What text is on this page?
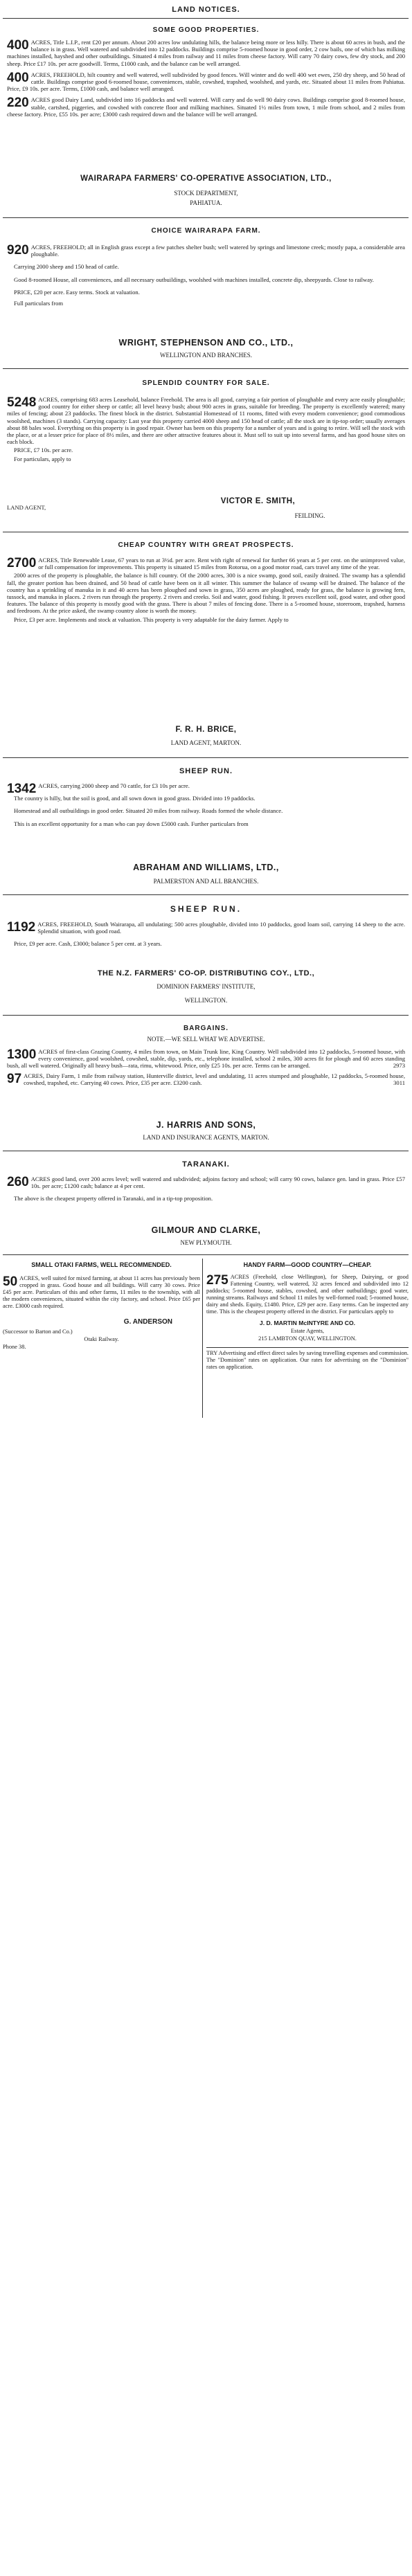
LAND NOTICES.
SOME GOOD PROPERTIES.

400 ACRES, Title L.I.P., rent £20 per annum. About 200 acres low undulating hills, the balance being more or less hilly. There is about 60 acres in bush, and the balance is in grass. Well watered and subdivided into 12 paddocks. Buildings comprise 5-roomed house in good order, 2 cow bails, one of which has milking machines installed, hayshed and other outbuildings. Situated 4 miles from railway and 11 miles from cheese factory. Will carry 70 dairy cows, few dry stock, and 200 sheep. Price £17 10s. per acre goodwill. Terms, £1000 cash, and the balance can be well arranged.

400 ACRES, FREEHOLD, hilt country and well watered, well subdivided by good fences. Will winter and do well 400 wet ewes, 250 dry sheep, and 50 head of cattle. Buildings comprise good 6-roomed house, conveniences, stable, cowshed, trapshed, woolshed, and yards, etc. Situated about 11 miles from Pahiatua. Price, £9 10s. per acre. Terms, £1000 cash, and balance well arranged.

220 ACRES good Dairy Land, subdivided into 16 paddocks and well watered. Will carry and do well 90 dairy cows. Buildings comprise good 8-roomed house, stable, cartshed, piggeries, and cowshed with concrete floor and milking machines. Situated 1½ miles from town, 1 mile from school, and 2 miles from cheese factory. Price, £55 10s. per acre; £3000 cash required down and the balance will be well arranged.

WAIRARAPA FARMERS' CO-OPERATIVE ASSOCIATION, LTD.,
STOCK DEPARTMENT,
PAHIATUA.
CHOICE WAIRARAPA FARM.

920 ACRES, FREEHOLD; all in English grass except a few patches shelter bush; well watered by springs and limestone creek; mostly papa, a considerable area ploughable.

Carrying 2000 sheep and 150 head of cattle.

Good 8-roomed House, all conveniences, and all necessary outbuildings, woolshed with machines installed, concrete dip, sheepyards. Close to railway.

PRICE, £20 per acre. Easy terms. Stock at valuation.

Full particulars from

WRIGHT, STEPHENSON AND CO., LTD.,
WELLINGTON AND BRANCHES.
SPLENDID COUNTRY FOR SALE.

5248 ACRES, comprising 683 acres Leasehold, balance Freehold. The area is all good, carrying a fair portion of ploughable and every acre easily ploughable; good country for either sheep or cattle; all level heavy bush; about 900 acres in grass, suitable for breeding. The property is excellently watered; many miles of fencing; about 23 paddocks. The finest block in the district. Substantial Homestead of 11 rooms, fitted with every modern convenience; good commodious woolshed, machines (3 stands). Carrying capacity: Last year this property carried 4000 sheep and 150 head of cattle; all the stock are in tip-top order; usually averages about 88 bales wool. Everything on this property is in good repair. Owner has been on this property for a number of years and is going to retire. Will sell the stock with the place, or at a lesser price for place of 8½ miles, and there are other attractive features about it. Must sell to suit up into several farms, and has good house sites on each block.

PRICE, £7 10s. per acre.

For particulars, apply to

LAND AGENT,
VICTOR E. SMITH,
FEILDING.
CHEAP COUNTRY WITH GREAT PROSPECTS.

2700 ACRES, Title Renewable Lease, 67 years to run at 3½d. per acre. Rent with right of renewal for further 66 years at 5 per cent. on the unimproved value, or full compensation for improvements. This property is situated 15 miles from Rotorua, on a good motor road, cars travel any time of the year.

2000 acres of the property is ploughable, the balance is hill country. Of the 2000 acres, 300 is a nice swamp, good soil, easily drained. The swamp has a splendid fall, the greater portion has been drained, and 50 head of cattle have been on it all winter. This summer the balance of swamp will be drained. The balance of the country has a sprinkling of manuka in it and 40 acres has been ploughed and sown in grass, 350 acres are ploughed, ready for grass, the balance is growing fern, tussock, and manuka in places. 2 rivers run through the property. 2 rivers and creeks. Soil and water, good fishing. It proves excellent soil, good water, and other good features. The balance of this property is mostly good with the grass. There is about 7 miles of fencing done. There is a 5-roomed house, storeroom, trapshed, harness and feedroom. At the price asked, the swamp country alone is worth the money.

Price, £3 per acre. Implements and stock at valuation. This property is very adaptable for the dairy farmer. Apply to

F. R. H. BRICE,
LAND AGENT, MARTON.
SHEEP RUN.

1342 ACRES, carrying 2000 sheep and 70 cattle, for £3 10s per acre.

The country is hilly, but the soil is good, and all sown down in good grass. Divided into 19 paddocks.

Homestead and all outbuildings in good order. Situated 20 miles from railway. Roads formed the whole distance.

This is an excellent opportunity for a man who can pay down £5000 cash. Further particulars from

ABRAHAM AND WILLIAMS, LTD.,
PALMERSTON AND ALL BRANCHES.
SHEEP RUN.

1192 ACRES, FREEHOLD, South Wairarapa, all undulating; 500 acres ploughable, divided into 10 paddocks, good loam soil, carrying 14 sheep to the acre. Splendid situation, with good road.

Price, £9 per acre. Cash, £3000; balance 5 per cent. at 3 years.

THE N.Z. FARMERS' CO-OP. DISTRIBUTING COY., LTD.,
DOMINION FARMERS' INSTITUTE,
WELLINGTON.
BARGAINS.
NOTE.—WE SELL WHAT WE ADVERTISE.

1300 ACRES of first-class Grazing Country, 4 miles from town, on Main Trunk line, King Country. Well subdivided into 12 paddocks, 5-roomed house, with every convenience, good woolshed, cowshed, stable, dip, yards, etc., telephone installed, school 2 miles, 300 acres fit for plough and 60 acres standing bush, all well watered. Originally all heavy bush—rata, rimu, whitewood. Price, only £25 10s. per acre. Terms can be arranged.	2973

97 ACRES, Dairy Farm, 1 mile from railway station, Hunterville district, level and undulating, 11 acres stumped and ploughable, 12 paddocks, 5-roomed house, cowshed, trapshed, etc. Carrying 40 cows. Price, £35 per acre. £3200 cash.	3011

J. HARRIS AND SONS,
LAND AND INSURANCE AGENTS, MARTON.
TARANAKI.

260 ACRES good land, over 200 acres level; well watered and subdivided; adjoins factory and school; will carry 90 cows, balance gen. land in grass. Price £57 10s. per acre; £1200 cash; balance at 4 per cent.

The above is the cheapest property offered in Taranaki, and in a tip-top proposition.

GILMOUR AND CLARKE,
NEW PLYMOUTH.
SMALL OTAKI FARMS, WELL RECOMMENDED.
50 ACRES, well suited for mixed farming, at about 11 acres has previously been cropped in grass. Good house and all buildings. Will carry 30 cows. Price £45 per acre. Particulars of this and other farms, 11 miles to the township, with all the modern conveniences, situated within the city factory, and school. Price £65 per acre. £3000 cash required.
G. ANDERSON
(Successor to Barton and Co.)
Otaki Railway.
Phone 38.
HANDY FARM—GOOD COUNTRY—CHEAP.
275 ACRES (Freehold, close Wellington), for Sheep, Dairying, or good Fattening Country, well watered, 32 acres fenced and subdivided into 12 paddocks; 5-roomed house, stables, cowshed, and other outbuildings; good water, running streams. Railways and School 11 miles by well-formed road; 5-roomed house, dairy and sheds. Equity, £1480. Price, £29 per acre. Easy terms. Can be inspected any time. This is the cheapest property offered in the district. For particulars apply to
J. D. MARTIN McINTYRE AND CO.
Estate Agents,
215 LAMBTON QUAY, WELLINGTON.
TRY Advertising and effect direct sales by saving travelling expenses and commission. The "Dominion" rates on application. Our rates for advertising on the "Dominion" rates on application.
